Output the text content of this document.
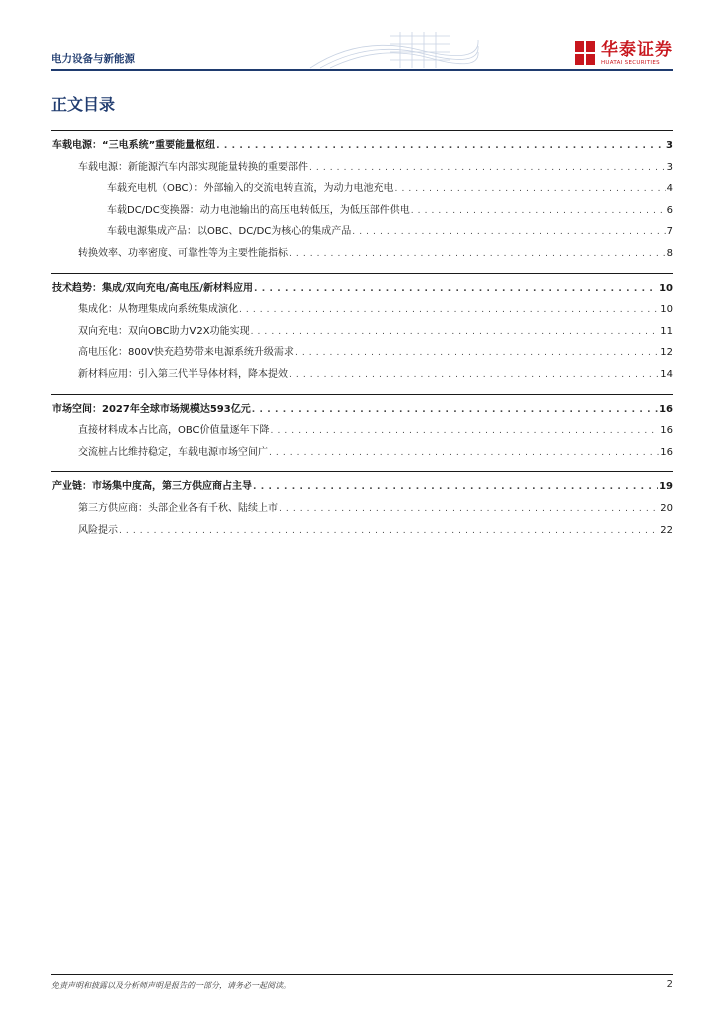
电力设备与新能源	华泰证券
HUATAI SECURITIES
正文目录
车载电源：“三电系统”重要能量枢纽 . . .	3
车载电源：新能源汽车内部实现能量转换的重要部件 . . .	3
车载充电机（OBC）：外部输入的交流电转直流，为动力电池充电 . . .	4
车载DC/DC变换器：动力电池输出的高压电转低压，为低压部件供电 . . .	6
车载电源集成产品：以OBC、DC/DC为核心的集成产品 . . .	7
转换效率、功率密度、可靠性等为主要性能指标 . . .	8
技术趋势：集成/双向充电/高电压/新材料应用 . . .	10
集成化：从物理集成向系统集成演化 . . .	10
双向充电：双向OBC助力V2X功能实现 . . .	11
高电压化：800V快充趋势带来电源系统升级需求 . . .	12
新材料应用：引入第三代半导体材料，降本提效 . . .	14
市场空间：2027年全球市场规模达593亿元 . . .	16
直接材料成本占比高，OBC价值量逐年下降 . . .	16
交流桩占比维持稳定，车载电源市场空间广 . . .	16
产业链：市场集中度高，第三方供应商占主导 . . .	19
第三方供应商：头部企业各有千秋、陆续上市 . . .	20
风险提示 . . .	22
免责声明和披露以及分析师声明是报告的一部分，请务必一起阅读。	2
